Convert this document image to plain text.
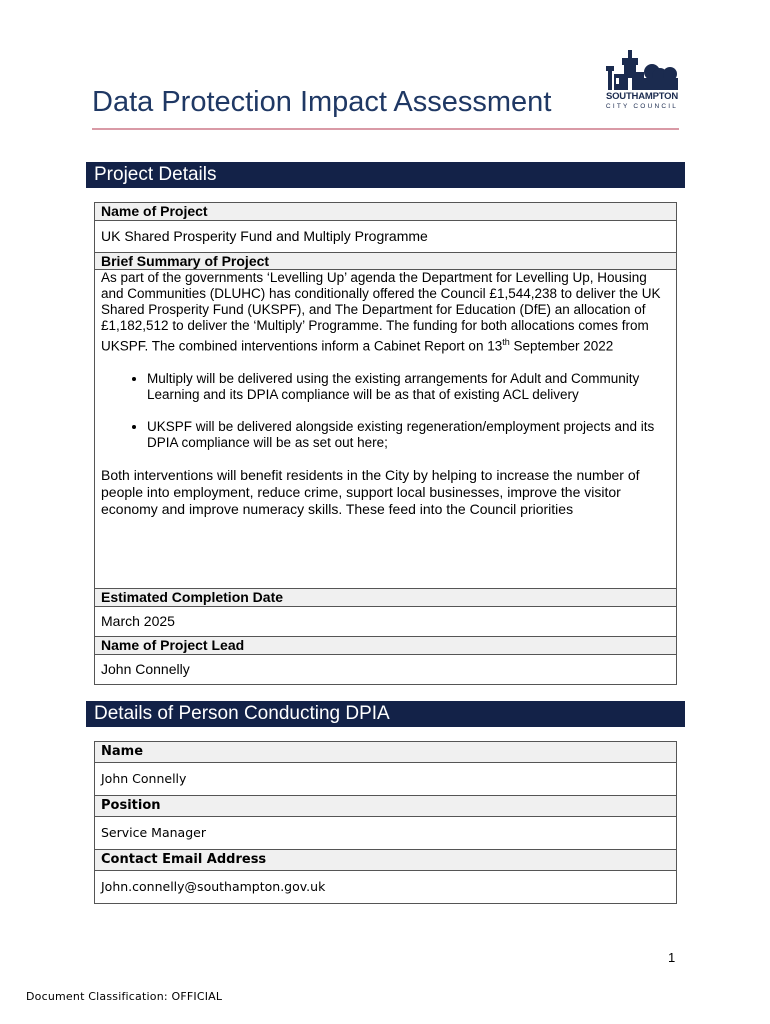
SOUTHAMPTON
CITY COUNCIL
Data Protection Impact Assessment
Project Details
Name of Project
UK Shared Prosperity Fund and Multiply Programme
Brief Summary of Project

As part of the governments ‘Levelling Up’ agenda the Department for Levelling Up, Housing and Communities (DLUHC) has conditionally offered the Council £1,544,238 to deliver the UK Shared Prosperity Fund (UKSPF), and The Department for Education (DfE) an allocation of £1,182,512 to deliver the ‘Multiply’ Programme. The funding for both allocations comes from UKSPF. The combined interventions inform a Cabinet Report on 13th September 2022

• Multiply will be delivered using the existing arrangements for Adult and Community Learning and its DPIA compliance will be as that of existing ACL delivery
• UKSPF will be delivered alongside existing regeneration/employment projects and its DPIA compliance will be as set out here;

Both interventions will benefit residents in the City by helping to increase the number of people into employment, reduce crime, support local businesses, improve the visitor economy and improve numeracy skills. These feed into the Council priorities

Estimated Completion Date
March 2025
Name of Project Lead
John Connelly
Details of Person Conducting DPIA
Name
John Connelly
Position
Service Manager
Contact Email Address
John.connelly@southampton.gov.uk
1
Document Classification: OFFICIAL
